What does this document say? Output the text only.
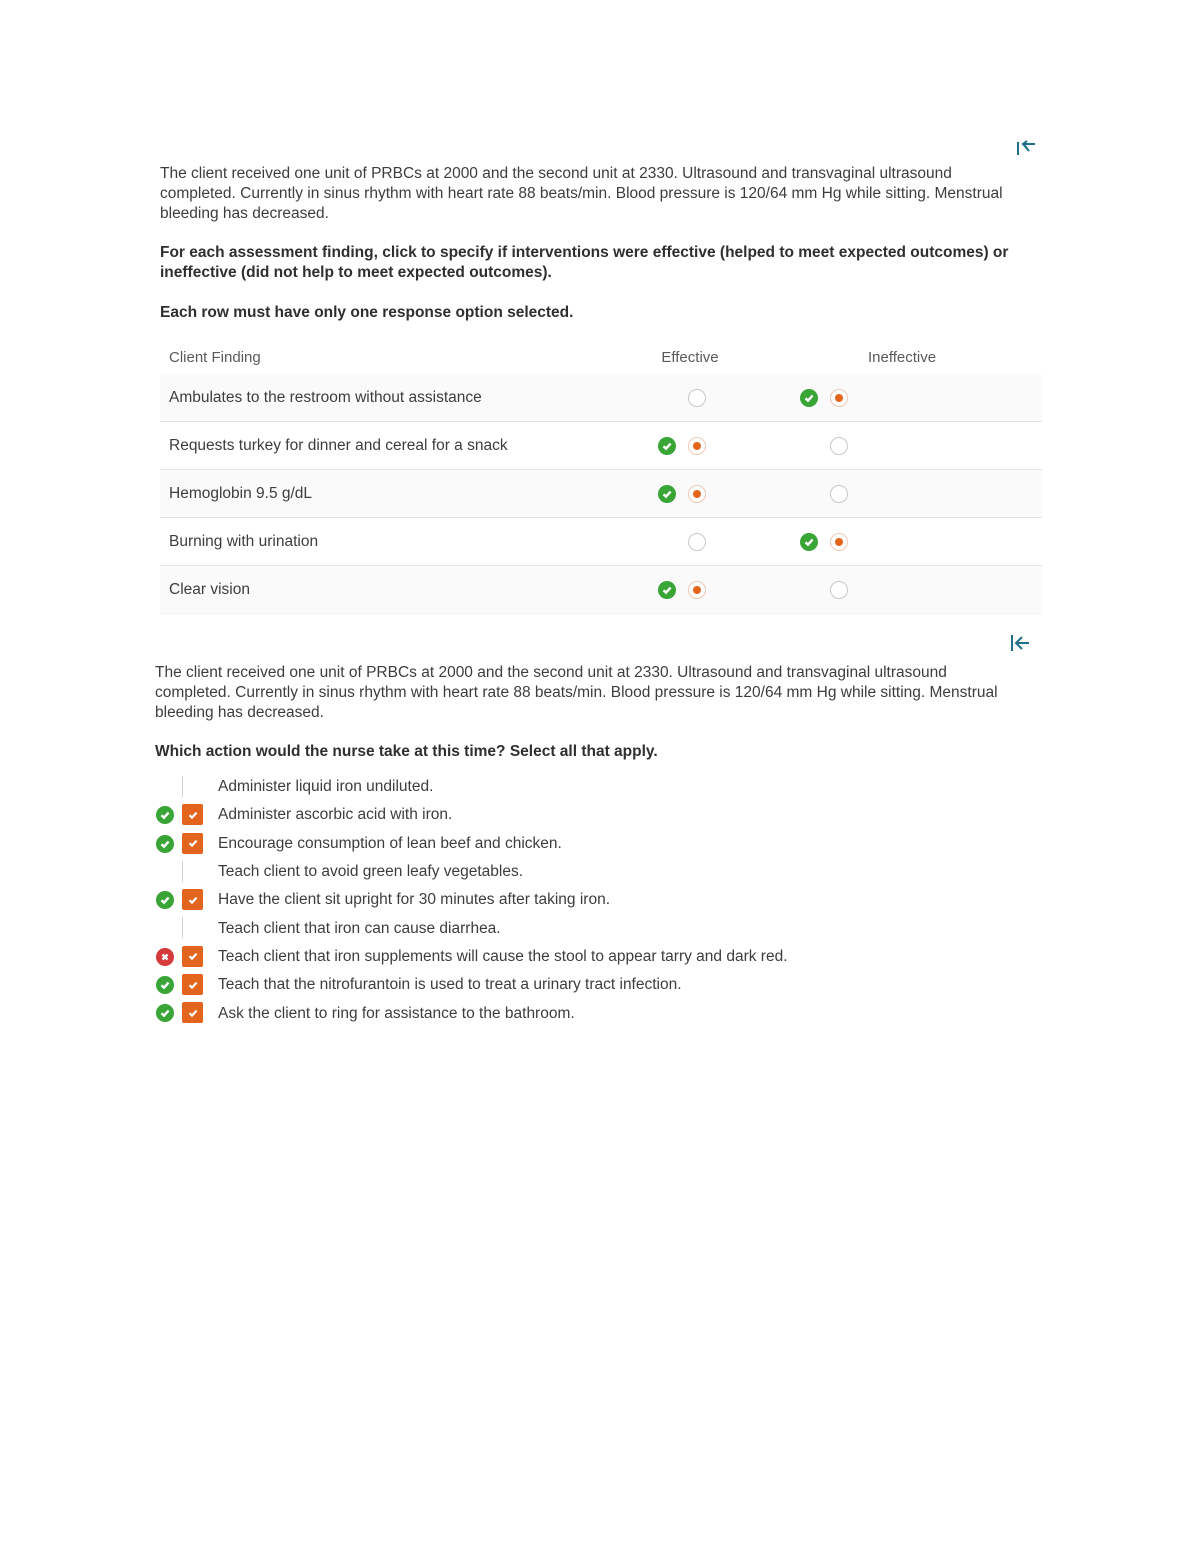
The client received one unit of PRBCs at 2000 and the second unit at 2330. Ultrasound and transvaginal ultrasound completed. Currently in sinus rhythm with heart rate 88 beats/min. Blood pressure is 120/64 mm Hg while sitting. Menstrual bleeding has decreased.

For each assessment finding, click to specify if interventions were effective (helped to meet expected outcomes) or ineffective (did not help to meet expected outcomes).

Each row must have only one response option selected.

Client Finding	Effective	Ineffective
Ambulates to the restroom without assistance
Requests turkey for dinner and cereal for a snack
Hemoglobin 9.5 g/dL
Burning with urination
Clear vision

The client received one unit of PRBCs at 2000 and the second unit at 2330. Ultrasound and transvaginal ultrasound completed. Currently in sinus rhythm with heart rate 88 beats/min. Blood pressure is 120/64 mm Hg while sitting. Menstrual bleeding has decreased.

Which action would the nurse take at this time? Select all that apply.

Administer liquid iron undiluted.
Administer ascorbic acid with iron.
Encourage consumption of lean beef and chicken.
Teach client to avoid green leafy vegetables.
Have the client sit upright for 30 minutes after taking iron.
Teach client that iron can cause diarrhea.
Teach client that iron supplements will cause the stool to appear tarry and dark red.
Teach that the nitrofurantoin is used to treat a urinary tract infection.
Ask the client to ring for assistance to the bathroom.
